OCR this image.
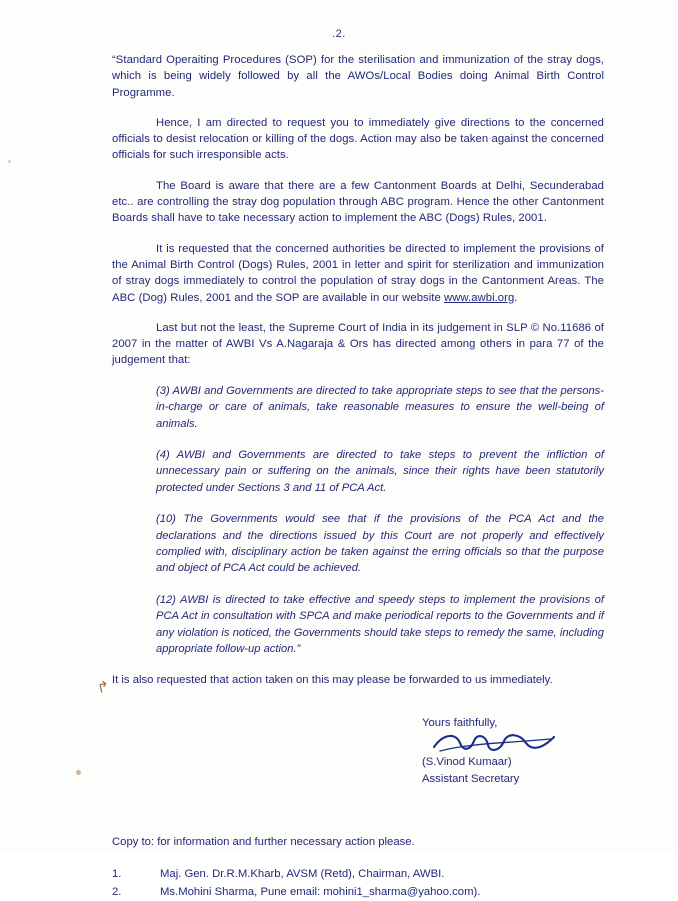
.2.

“Standard Operaiting Procedures (SOP) for the sterilisation and immunization of the stray dogs, which is being widely followed by all the AWOs/Local Bodies doing Animal Birth Control Programme.

Hence, I am directed to request you to immediately give directions to the concerned officials to desist relocation or killing of the dogs. Action may also be taken against the concerned officials for such irresponsible acts.

The Board is aware that there are a few Cantonment Boards at Delhi, Secunderabad etc.. are controlling the stray dog population through ABC program. Hence the other Cantonment Boards shall have to take necessary action to implement the ABC (Dogs) Rules, 2001.

It is requested that the concerned authorities be directed to implement the provisions of the Animal Birth Control (Dogs) Rules, 2001 in letter and spirit for sterilization and immunization of stray dogs immediately to control the population of stray dogs in the Cantonment Areas. The ABC (Dog) Rules, 2001 and the SOP are available in our website www.awbi.org.

Last but not the least, the Supreme Court of India in its judgement in SLP © No.11686 of 2007 in the matter of AWBI Vs A.Nagaraja & Ors has directed among others in para 77 of the judgement that:

(3) AWBI and Governments are directed to take appropriate steps to see that the persons-in-charge or care of animals, take reasonable measures to ensure the well-being of animals.

(4) AWBI and Governments are directed to take steps to prevent the infliction of unnecessary pain or suffering on the animals, since their rights have been statutorily protected under Sections 3 and 11 of PCA Act.

(10) The Governments would see that if the provisions of the PCA Act and the declarations and the directions issued by this Court are not properly and effectively complied with, disciplinary action be taken against the erring officials so that the purpose and object of PCA Act could be achieved.

(12) AWBI is directed to take effective and speedy steps to implement the provisions of PCA Act in consultation with SPCA and make periodical reports to the Governments and if any violation is noticed, the Governments should take steps to remedy the same, including appropriate follow-up action.”

It is also requested that action taken on this may please be forwarded to us immediately.

Yours faithfully,
(S.Vinod Kumaar)
Assistant Secretary
Copy to: for information and further necessary action please.
1.	Maj. Gen. Dr.R.M.Kharb, AVSM (Retd), Chairman, AWBI.
2.	Ms.Mohini Sharma, Pune email: mohini1_sharma@yahoo.com).
↱
